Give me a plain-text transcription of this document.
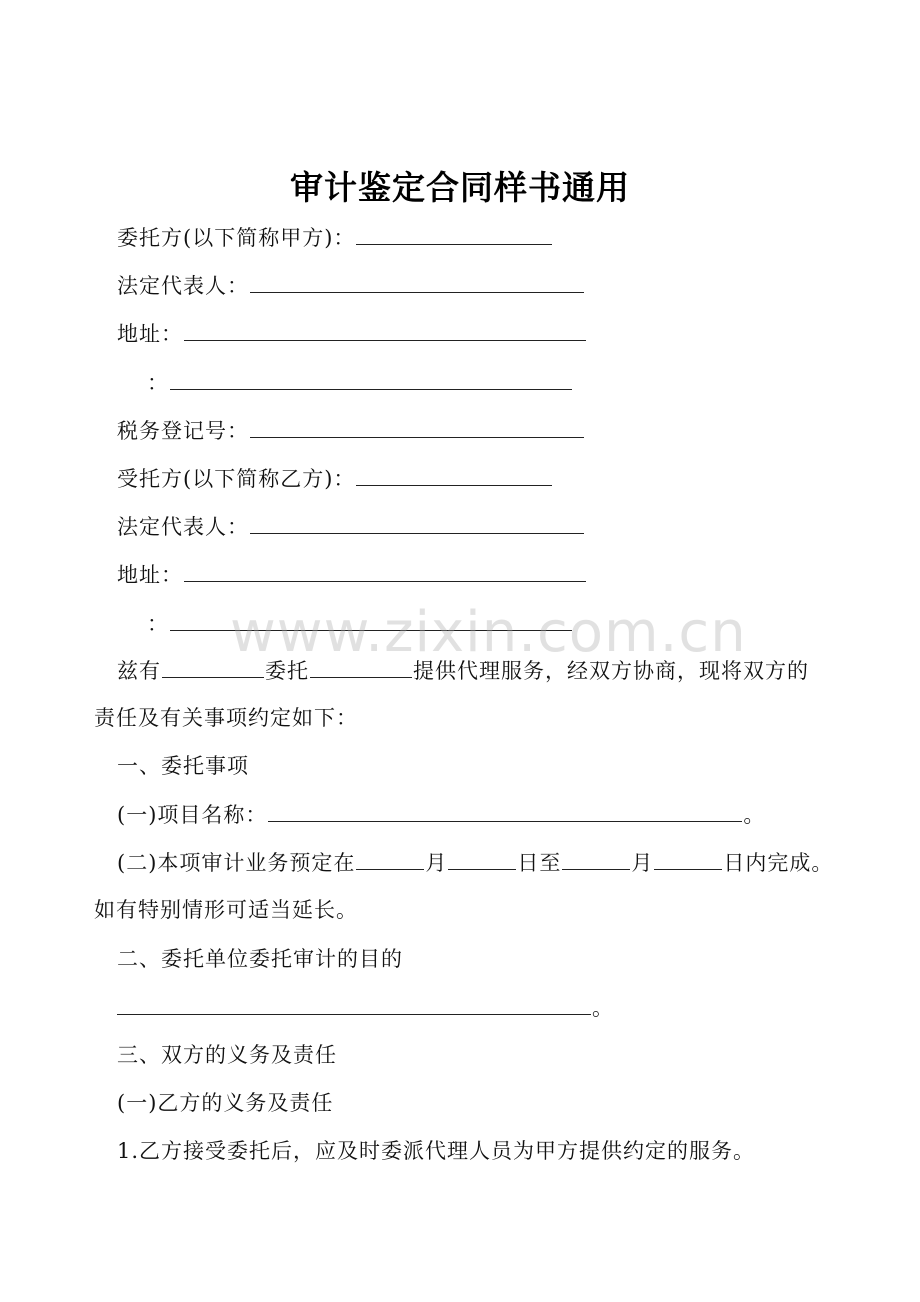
审计鉴定合同样书通用
委托方(以下简称甲方)：
法定代表人：
地址：
：
税务登记号：
受托方(以下简称乙方)：
法定代表人：
地址：
：
兹有	委托	提供代理服务，经双方协商，现将双方的
责任及有关事项约定如下：
一、委托事项
(一)项目名称：	。
(二)本项审计业务预定在	月	日至	月	日内完成。
如有特别情形可适当延长。
二、委托单位委托审计的目的
。
三、双方的义务及责任
(一)乙方的义务及责任
1.乙方接受委托后，应及时委派代理人员为甲方提供约定的服务。
www.zixin.com.cn
